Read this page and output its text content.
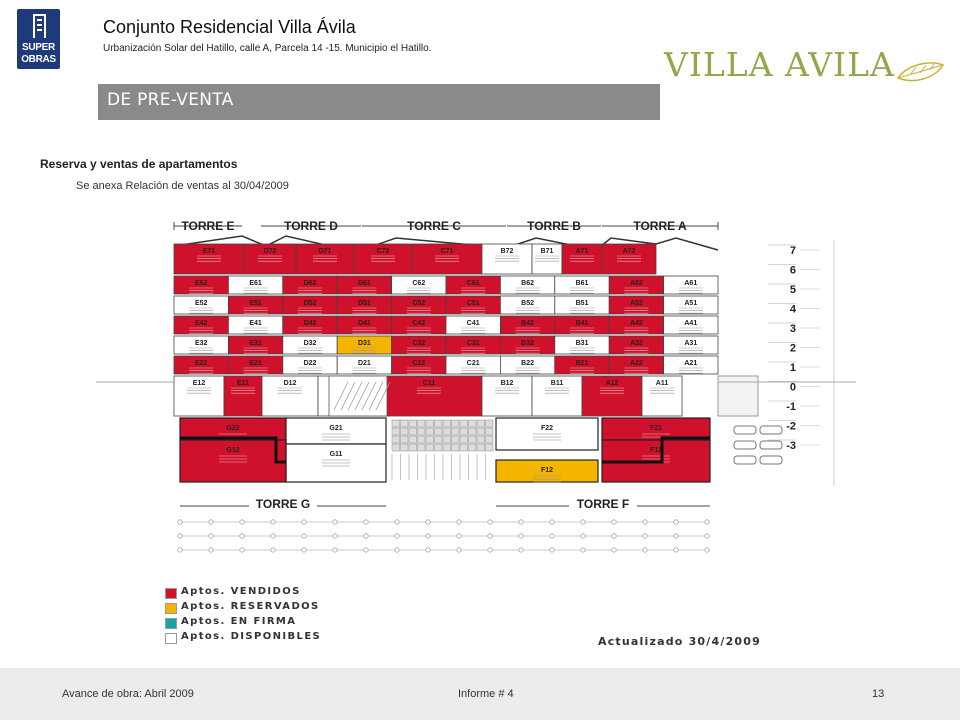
SUPER
OBRAS
Conjunto Residencial Villa Ávila
Urbanización Solar del Hatillo, calle A, Parcela 14 -15. Municipio el Hatillo.	VILLA AVILA
DE PRE-VENTA
Reserva y ventas de apartamentos
Se anexa Relación de ventas al 30/04/2009
TORRE E	TORRE D	TORRE C	TORRE B	TORRE A
E71	D72	D71	C72	C71	B72	B71	A71	A72
E62	E61	D62	D61	C62	C61	B62	B61	A62	A61
E52	E51	D52	D51	C52	C51	B52	B51	A52	A51
E42	E41	D42	D41	C42	C41	B42	B41	A42	A41
E32	E31	D32	D31	C32	C31	B32	B31	A32	A31
E22	E21	D22	D21	C22	C21	B22	B21	A22	A21
E12	E11	D12	C11	B12	B11	A12	A11
G22	G21
G11
G12
F22	F21
F12
F11
TORRE G	TORRE F
7
6
5
4
3
2
1
0
-1
-2
-3
Aptos. VENDIDOS
Aptos. RESERVADOS
Aptos. EN FIRMA
Aptos. DISPONIBLES	Actualizado 30/4/2009
Avance de obra: Abril 2009	Informe # 4	13
